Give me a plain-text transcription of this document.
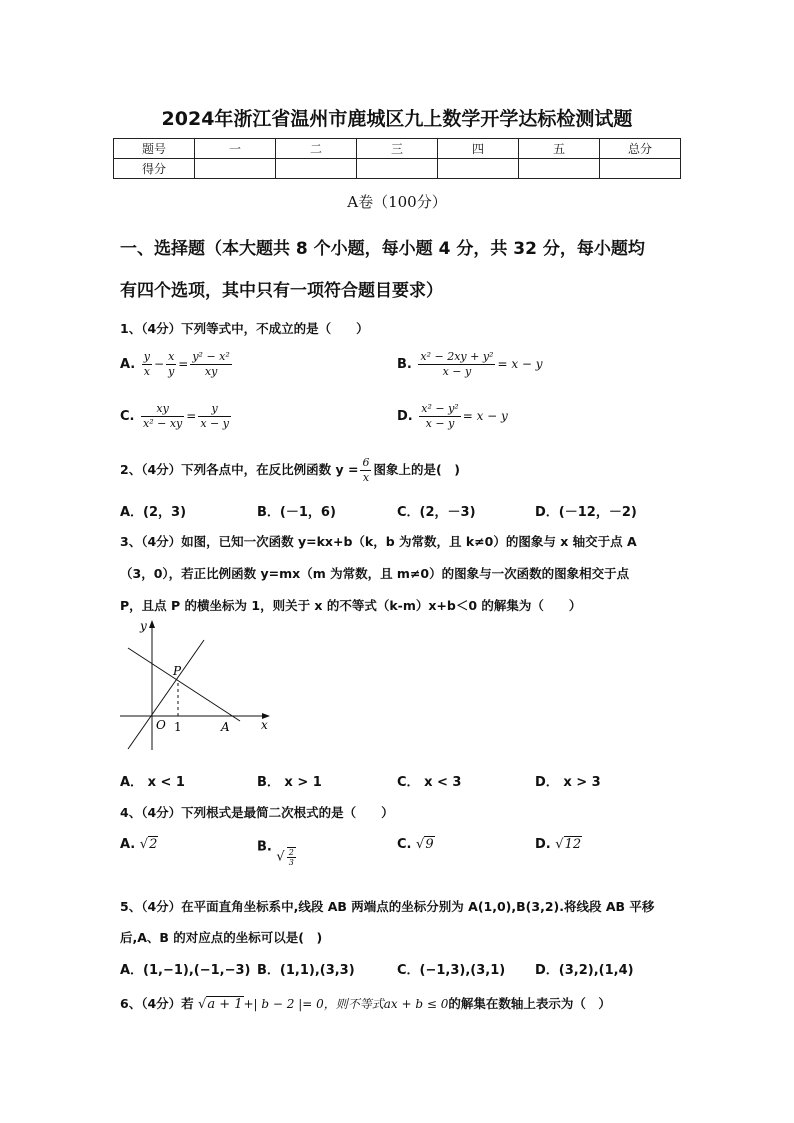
2024年浙江省温州市鹿城区九上数学开学达标检测试题
题号	一	二	三	四	五	总分
得分						
A卷（100分）
一、选择题（本大题共 8 个小题，每小题 4 分，共 32 分，每小题均
有四个选项，其中只有一项符合题目要求）
1、（4分）下列等式中，不成立的是（　　）
A. $\frac{y}{x} - \frac{x}{y} = \frac{\text{y² − x²}}{xy}$	B. $\frac{\text{x² − 2xy + y²}}{x - y} = x - y$
C. $\frac{xy}{\text{x² − xy}} = \frac{y}{x - y}$	D. $\frac{\text{x² − y²}}{x - y} = x - y$
2、（4分）下列各点中，在反比例函数 $y = \frac{6}{x}$ 图象上的是(　)
A．(2，3)	B．(－1，6)	C．(2，－3)	D．(－12，－2)
3、（4分）如图，已知一次函数 y=kx+b（k，b 为常数，且 k≠0）的图象与 x 轴交于点 A
（3，0），若正比例函数 y=mx（m 为常数，且 m≠0）的图象与一次函数的图象相交于点
P，且点 P 的横坐标为 1，则关于 x 的不等式（k-m）x+b＜0 的解集为（　　）
y
x
P
O 1	A
A． x < 1	B． x > 1	C． x < 3	D． x > 3
4、（4分）下列根式是最简二次根式的是（　　）
A. √2	B. √ $\frac{2}{3}$
C. √9	D. √12
5、（4分）在平面直角坐标系中,线段 AB 两端点的坐标分别为 A(1,0),B(3,2).将线段 AB 平移
后,A、B 的对应点的坐标可以是(　)
A．(1,−1),(−1,−3) B．(1,1),(3,3)	C．(−1,3),(3,1) D．(3,2),(1,4)
6、（4分）若 √a + 1+| b − 2 |= 0，则不等式ax + b ≤ 0的解集在数轴上表示为（　）
